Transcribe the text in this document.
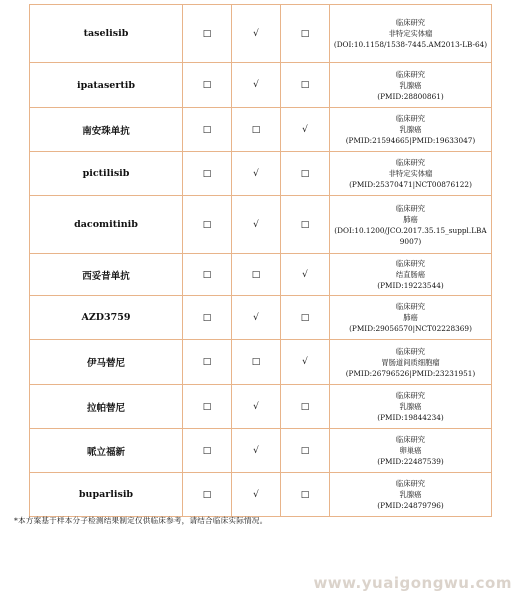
taselisib	□	√	□	临床研究
非特定实体瘤
(DOI:10.1158/1538-7445.AM2013-LB-64)

ipatasertib	□	√	□	临床研究
乳腺癌
(PMID:28800861)

南安珠单抗	□	□	√	临床研究
乳腺癌
(PMID:21594665|PMID:19633047)

pictilisib	□	√	□	临床研究
非特定实体瘤
(PMID:25370471|NCT00876122)

dacomitinib	□	√	□	临床研究
肺癌
(DOI:10.1200/JCO.2017.35.15_suppl.LBA9007)

西妥昔单抗	□	□	√	临床研究
结直肠癌
(PMID:19223544)

AZD3759	□	√	□	临床研究
肺癌
(PMID:29056570|NCT02228369)

伊马替尼	□	□	√	临床研究
胃肠道间质细胞瘤
(PMID:26796526|PMID:23231951)

拉帕替尼	□	√	□	临床研究
乳腺癌
(PMID:19844234)

哌立福新	□	√	□	临床研究
卵巢癌
(PMID:22487539)

buparlisib	□	√	□	临床研究
乳腺癌
(PMID:24879796)
*本方案基于样本分子检测结果制定仅供临床参考，请结合临床实际情况。
www.yuaigongwu.com
